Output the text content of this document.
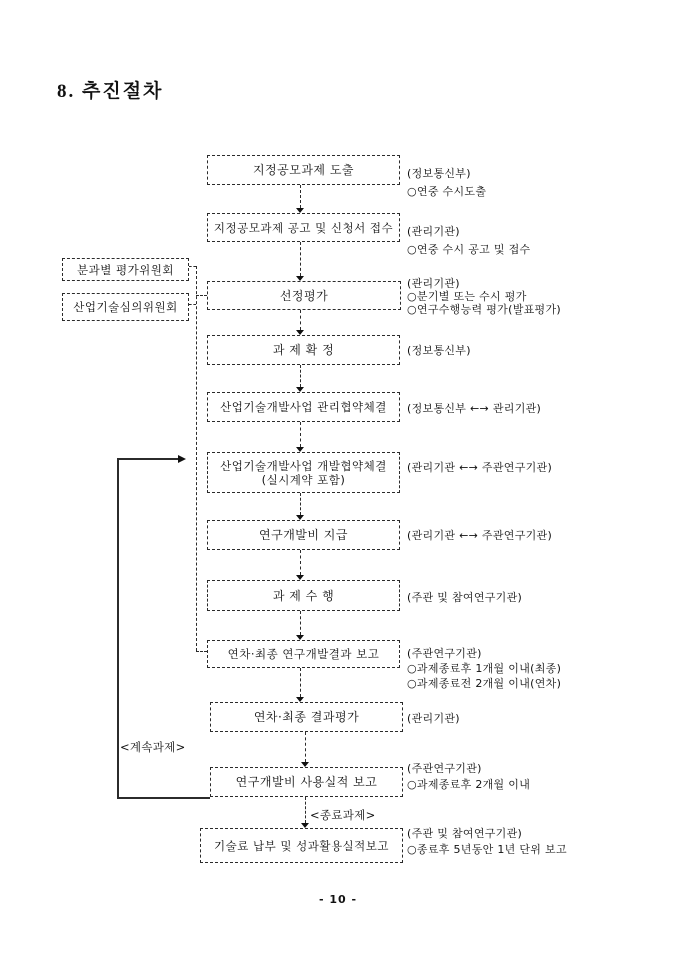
8. 추진절차
지정공모과제 도출
지정공모과제 공고 및 신청서 접수
선정평가
과 제 확 정
산업기술개발사업 관리협약체결
산업기술개발사업 개발협약체결
(실시계약 포함)
연구개발비 지급
과 제 수 행
연차·최종 연구개발결과 보고
연차·최종 결과평가
연구개발비 사용실적 보고
기술료 납부 및 성과활용실적보고
분과별 평가위원회
산업기술심의위원회
(정보통신부)
○연중 수시도출
(관리기관)
○연중 수시 공고 및 접수
(관리기관)
○분기별 또는 수시 평가
○연구수행능력 평가(발표평가)
(정보통신부)
(정보통신부 ←→ 관리기관)
(관리기관 ←→ 주관연구기관)
(관리기관 ←→ 주관연구기관)
(주관 및 참여연구기관)
(주관연구기관)
○과제종료후 1개월 이내(최종)
○과제종료전 2개월 이내(연차)
(관리기관)
(주관연구기관)
○과제종료후 2개월 이내
(주관 및 참여연구기관)
○종료후 5년동안 1년 단위 보고
<계속과제>
<종료과제>
- 10 -
